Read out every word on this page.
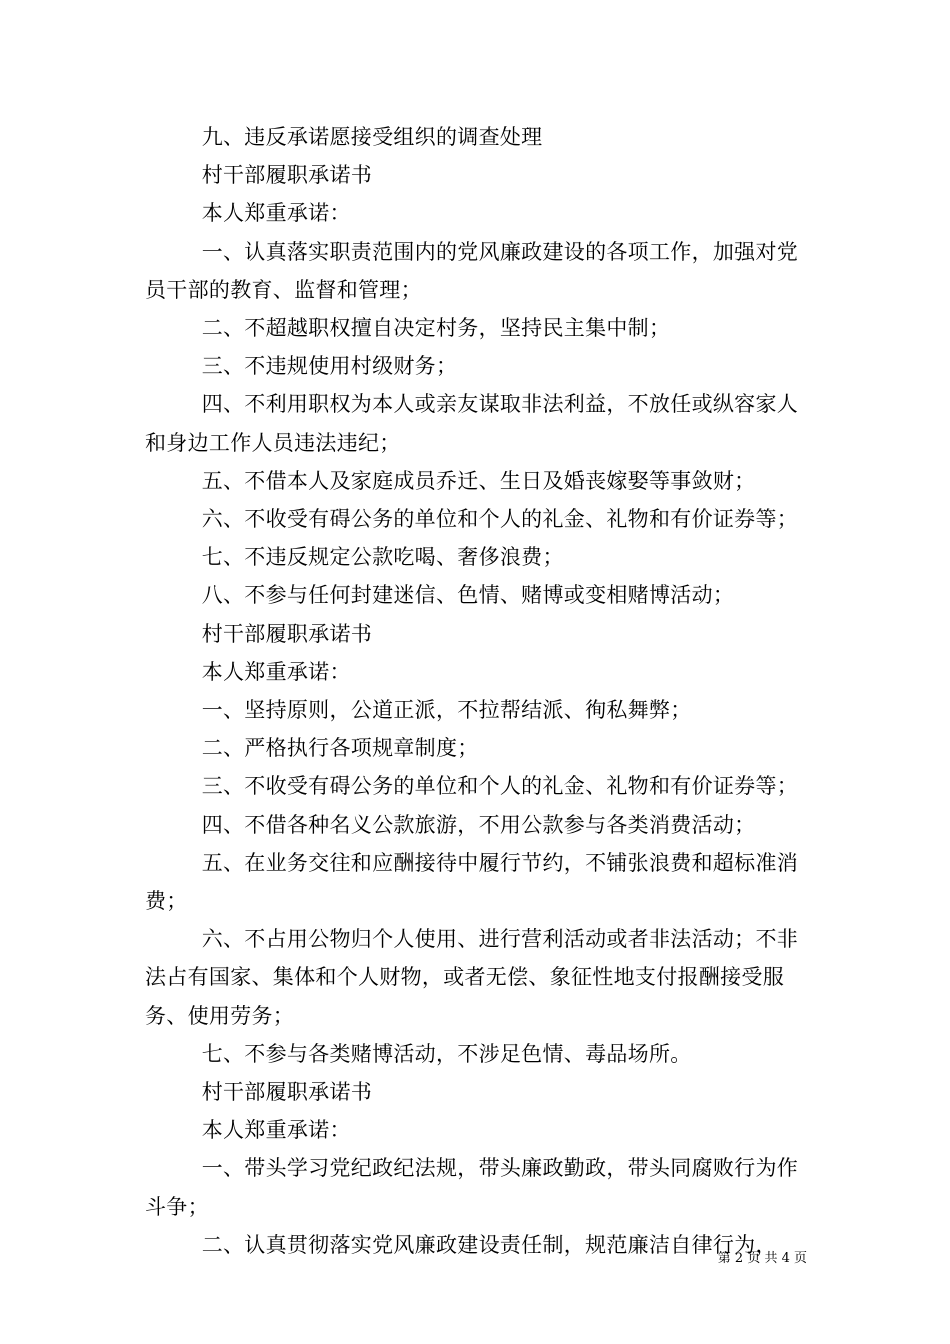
九、违反承诺愿接受组织的调查处理

村干部履职承诺书

本人郑重承诺：

一、认真落实职责范围内的党风廉政建设的各项工作，加强对党员干部的教育、监督和管理；

二、不超越职权擅自决定村务，坚持民主集中制；

三、不违规使用村级财务；

四、不利用职权为本人或亲友谋取非法利益，不放任或纵容家人和身边工作人员违法违纪；

五、不借本人及家庭成员乔迁、生日及婚丧嫁娶等事敛财；

六、不收受有碍公务的单位和个人的礼金、礼物和有价证券等；

七、不违反规定公款吃喝、奢侈浪费；

八、不参与任何封建迷信、色情、赌博或变相赌博活动；

村干部履职承诺书

本人郑重承诺：

一、坚持原则，公道正派，不拉帮结派、徇私舞弊；

二、严格执行各项规章制度；

三、不收受有碍公务的单位和个人的礼金、礼物和有价证券等；

四、不借各种名义公款旅游，不用公款参与各类消费活动；

五、在业务交往和应酬接待中履行节约，不铺张浪费和超标准消费；

六、不占用公物归个人使用、进行营利活动或者非法活动；不非法占有国家、集体和个人财物，或者无偿、象征性地支付报酬接受服务、使用劳务；

七、不参与各类赌博活动，不涉足色情、毒品场所。

村干部履职承诺书

本人郑重承诺：

一、带头学习党纪政纪法规，带头廉政勤政，带头同腐败行为作斗争；

二、认真贯彻落实党风廉政建设责任制，规范廉洁自律行为，

第 2 页 共 4 页
